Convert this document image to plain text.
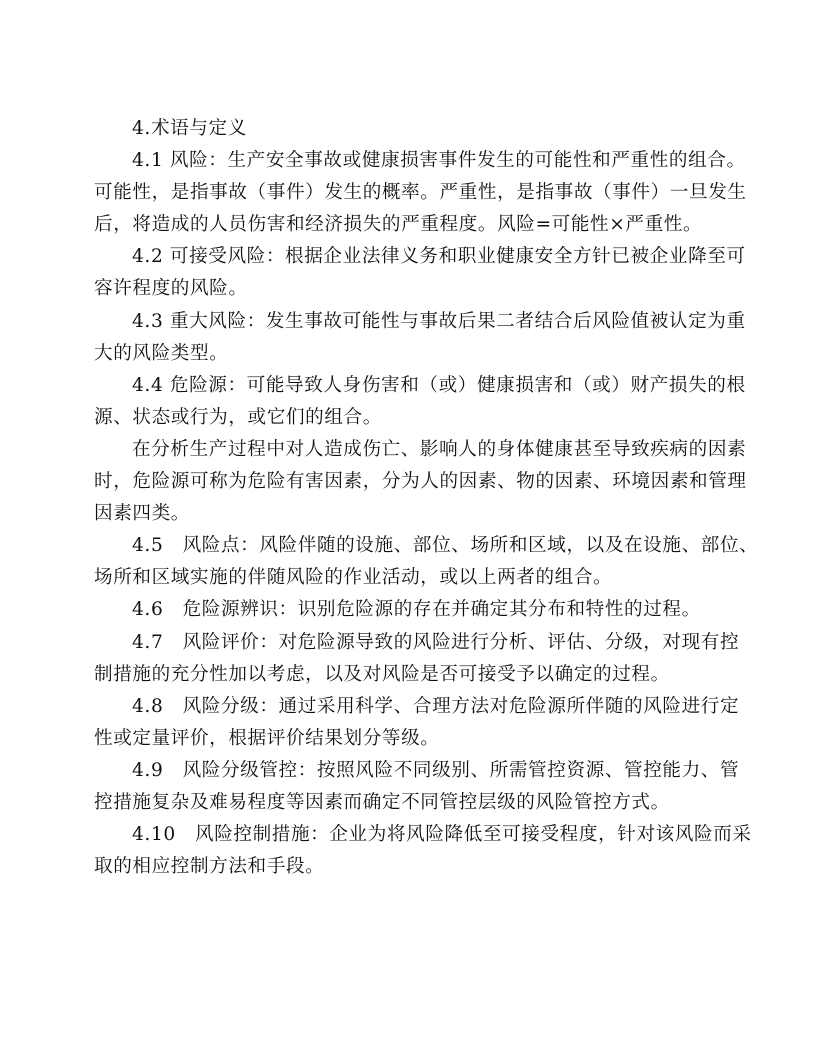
4.术语与定义
4.1 风险：生产安全事故或健康损害事件发生的可能性和严重性的组合。
可能性，是指事故（事件）发生的概率。严重性，是指事故（事件）一旦发生
后，将造成的人员伤害和经济损失的严重程度。风险=可能性×严重性。
4.2 可接受风险：根据企业法律义务和职业健康安全方针已被企业降至可
容许程度的风险。
4.3 重大风险：发生事故可能性与事故后果二者结合后风险值被认定为重
大的风险类型。
4.4 危险源：可能导致人身伤害和（或）健康损害和（或）财产损失的根
源、状态或行为，或它们的组合。
在分析生产过程中对人造成伤亡、影响人的身体健康甚至导致疾病的因素
时，危险源可称为危险有害因素，分为人的因素、物的因素、环境因素和管理
因素四类。
4.5　风险点：风险伴随的设施、部位、场所和区域，以及在设施、部位、
场所和区域实施的伴随风险的作业活动，或以上两者的组合。
4.6　危险源辨识：识别危险源的存在并确定其分布和特性的过程。
4.7　风险评价：对危险源导致的风险进行分析、评估、分级，对现有控
制措施的充分性加以考虑，以及对风险是否可接受予以确定的过程。
4.8　风险分级：通过采用科学、合理方法对危险源所伴随的风险进行定
性或定量评价，根据评价结果划分等级。
4.9　风险分级管控：按照风险不同级别、所需管控资源、管控能力、管
控措施复杂及难易程度等因素而确定不同管控层级的风险管控方式。
4.10　风险控制措施：企业为将风险降低至可接受程度，针对该风险而采
取的相应控制方法和手段。
